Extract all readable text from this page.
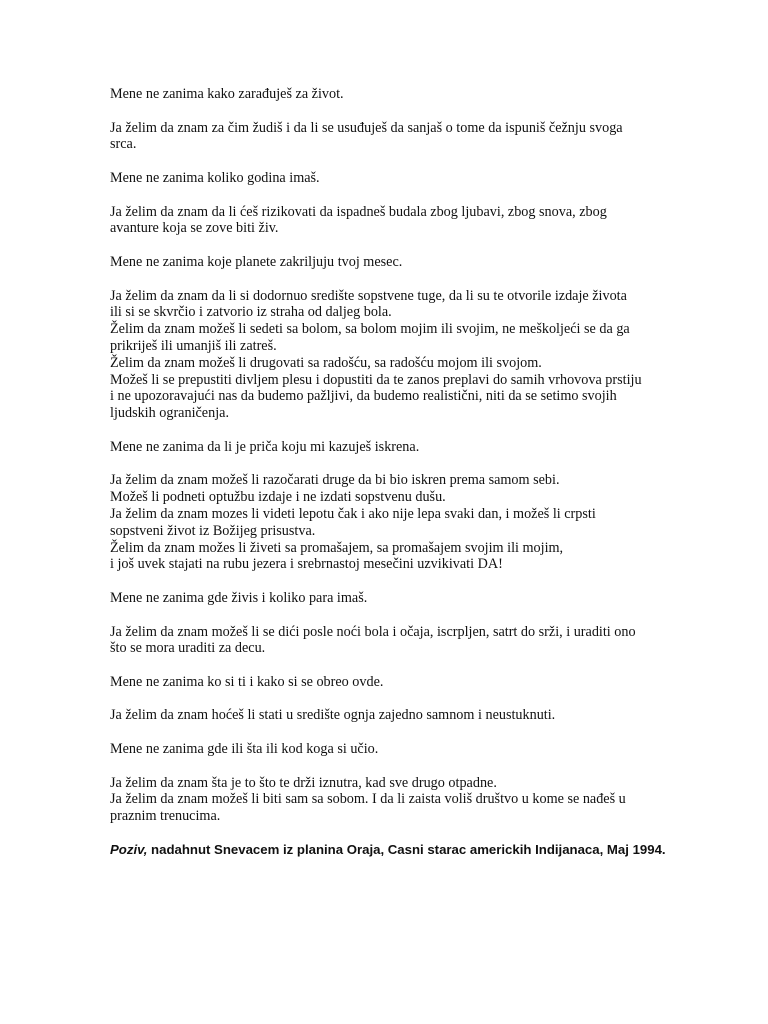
Mene ne zanima kako zarađuješ za život.

Ja želim da znam za čim žudiš i da li se usuđuješ da sanjaš o tome da ispuniš čežnju svoga
srca.

Mene ne zanima koliko godina imaš.

Ja želim da znam da li ćeš rizikovati da ispadneš budala zbog ljubavi, zbog snova, zbog
avanture koja se zove biti živ.

Mene ne zanima koje planete zakriljuju tvoj mesec.

Ja želim da znam da li si dodornuo središte sopstvene tuge, da li su te otvorile izdaje života
ili si se skvrčio i zatvorio iz straha od daljeg bola.
Želim da znam možeš li sedeti sa bolom, sa bolom mojim ili svojim, ne meškoljeći se da ga
prikriješ ili umanjiš ili zatreš.
Želim da znam možeš li drugovati sa radošću, sa radošću mojom ili svojom.
Možeš li se prepustiti divljem plesu i dopustiti da te zanos preplavi do samih vrhovova prstiju
i ne upozoravajući nas da budemo pažljivi, da budemo realistični, niti da se setimo svojih
ljudskih ograničenja.

Mene ne zanima da li je priča koju mi kazuješ iskrena.

Ja želim da znam možeš li razočarati druge da bi bio iskren prema samom sebi.
Možeš li podneti optužbu izdaje i ne izdati sopstvenu dušu.
Ja želim da znam mozes li videti lepotu čak i ako nije lepa svaki dan, i možeš li crpsti
sopstveni život iz Božijeg prisustva.
Želim da znam možes li živeti sa promašajem, sa promašajem svojim ili mojim,
i još uvek stajati na rubu jezera i srebrnastoj mesečini uzvikivati DA!

Mene ne zanima gde živis i koliko para imaš.

Ja želim da znam možeš li se dići posle noći bola i očaja, iscrpljen, satrt do srži, i uraditi ono
što se mora uraditi za decu.

Mene ne zanima ko si ti i kako si se obreo ovde.

Ja želim da znam hoćeš li stati u središte ognja zajedno samnom i neustuknuti.

Mene ne zanima gde ili šta ili kod koga si učio.

Ja želim da znam šta je to što te drži iznutra, kad sve drugo otpadne.
Ja želim da znam možeš li biti sam sa sobom. I da li zaista voliš društvo u kome se nađeš u
praznim trenucima.

Poziv, nadahnut Snevacem iz planina Oraja, Casni starac americkih Indijanaca, Maj 1994.
